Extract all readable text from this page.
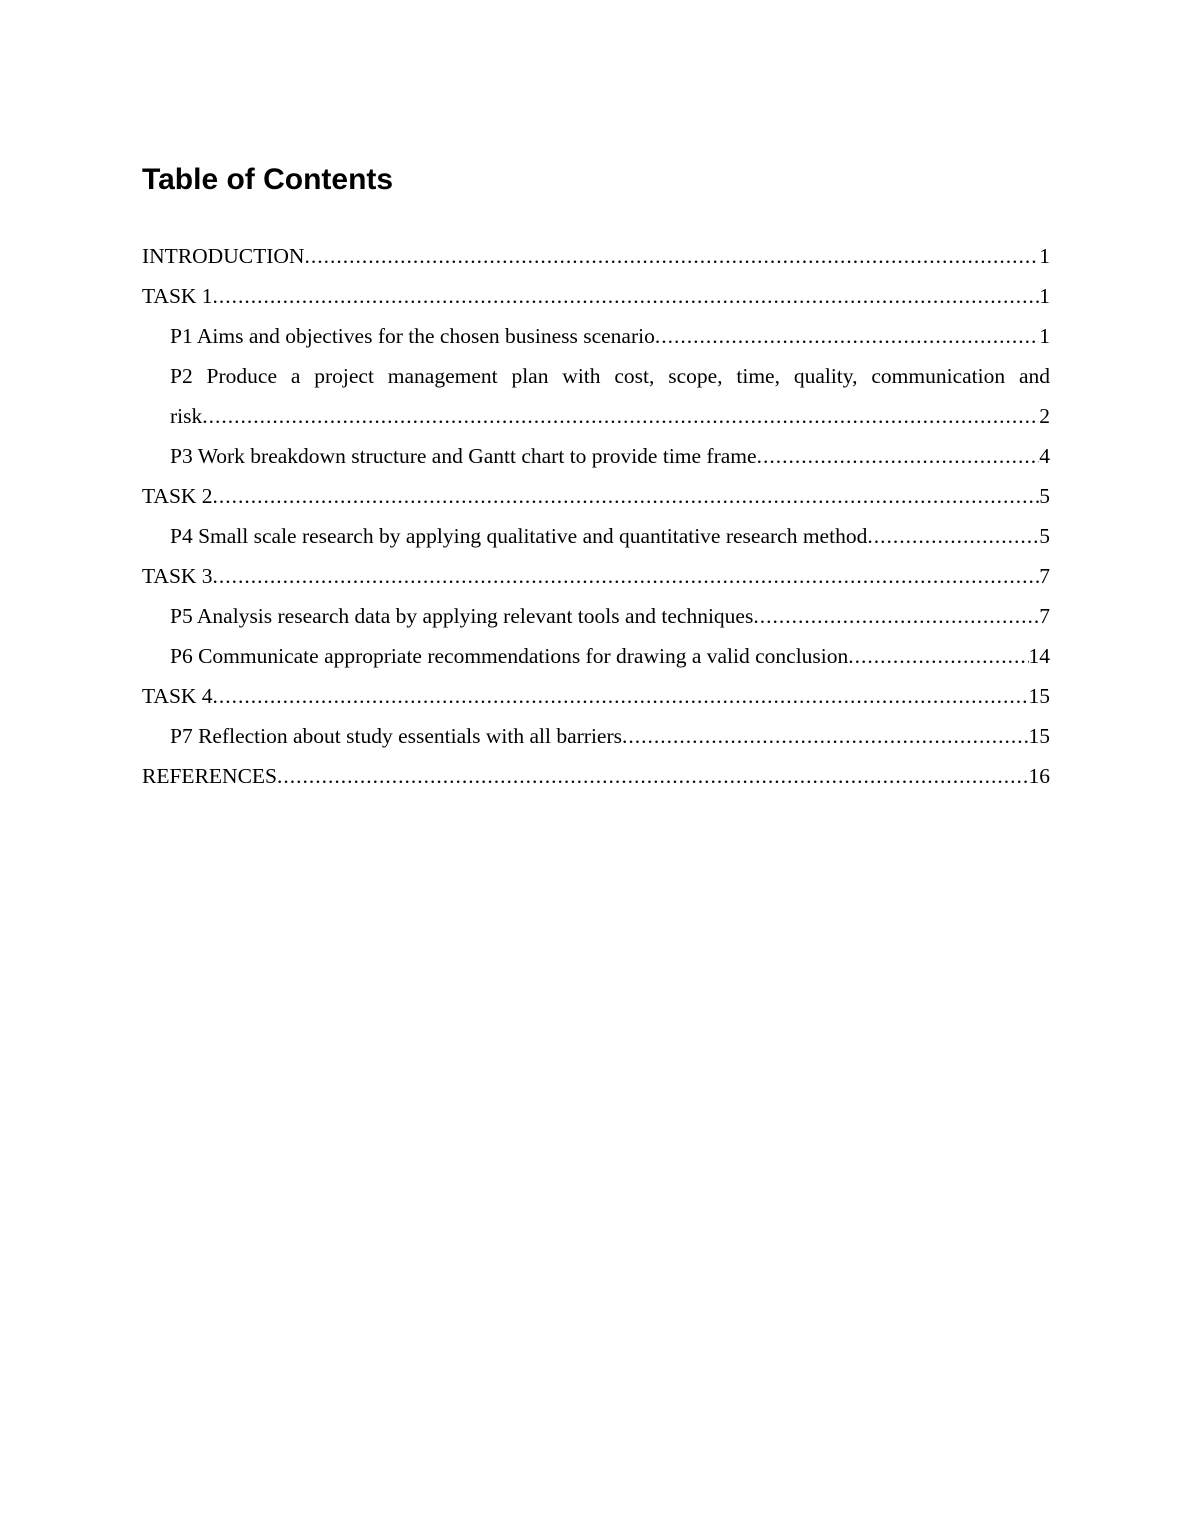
Table of Contents
INTRODUCTION .....	1
TASK 1 .....	1
P1 Aims and objectives for the chosen business scenario .....	1
P2 Produce a project management plan with cost, scope, time, quality, communication and
risk .....	2
P3 Work breakdown structure and Gantt chart to provide time frame .....	4
TASK 2 .....	5
P4 Small scale research by applying qualitative and quantitative research method .....	5
TASK 3 .....	7
P5 Analysis research data by applying relevant tools and techniques .....	7
P6 Communicate appropriate recommendations for drawing a valid conclusion .....	14
TASK 4 .....	15
P7 Reflection about study essentials with all barriers .....	15
REFERENCES .....	16
